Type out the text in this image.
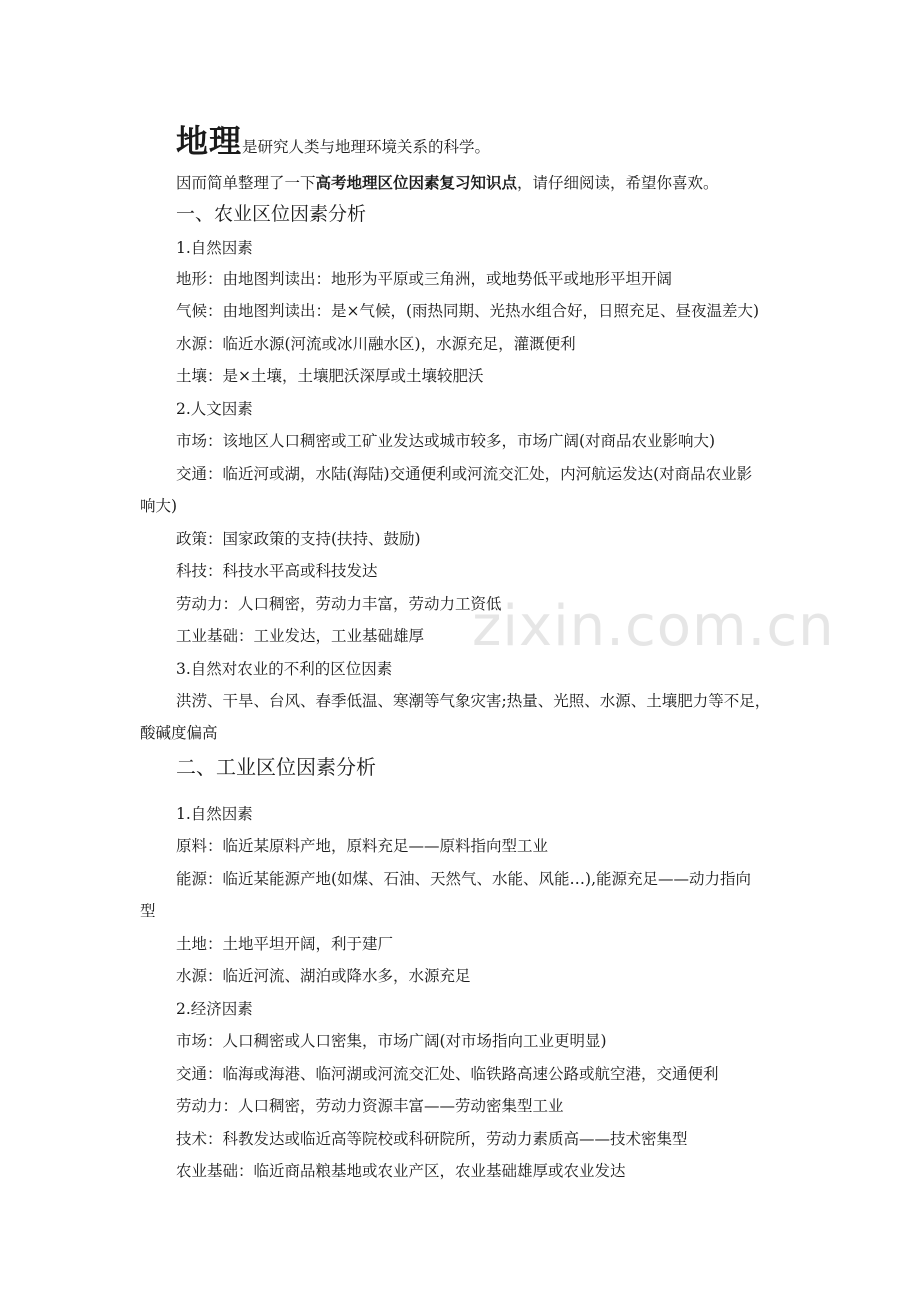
地理是研究人类与地理环境关系的科学。
因而简单整理了一下高考地理区位因素复习知识点，请仔细阅读，希望你喜欢。
一、农业区位因素分析
1.自然因素
地形：由地图判读出：地形为平原或三角洲，或地势低平或地形平坦开阔
气候：由地图判读出：是×气候，(雨热同期、光热水组合好，日照充足、昼夜温差大)
水源：临近水源(河流或冰川融水区)，水源充足，灌溉便利
土壤：是×土壤，土壤肥沃深厚或土壤较肥沃
2.人文因素
市场：该地区人口稠密或工矿业发达或城市较多，市场广阔(对商品农业影响大)
交通：临近河或湖，水陆(海陆)交通便利或河流交汇处，内河航运发达(对商品农业影
响大)
政策：国家政策的支持(扶持、鼓励)
科技：科技水平高或科技发达
劳动力：人口稠密，劳动力丰富，劳动力工资低
工业基础：工业发达，工业基础雄厚
3.自然对农业的不利的区位因素
洪涝、干旱、台风、春季低温、寒潮等气象灾害;热量、光照、水源、土壤肥力等不足，
酸碱度偏高
二、工业区位因素分析
1.自然因素
原料：临近某原料产地，原料充足——原料指向型工业
能源：临近某能源产地(如煤、石油、天然气、水能、风能…),能源充足——动力指向
型
土地：土地平坦开阔，利于建厂
水源：临近河流、湖泊或降水多，水源充足
2.经济因素
市场：人口稠密或人口密集，市场广阔(对市场指向工业更明显)
交通：临海或海港、临河湖或河流交汇处、临铁路高速公路或航空港，交通便利
劳动力：人口稠密，劳动力资源丰富——劳动密集型工业
技术：科教发达或临近高等院校或科研院所，劳动力素质高——技术密集型
农业基础：临近商品粮基地或农业产区，农业基础雄厚或农业发达
zixin.com.cn
